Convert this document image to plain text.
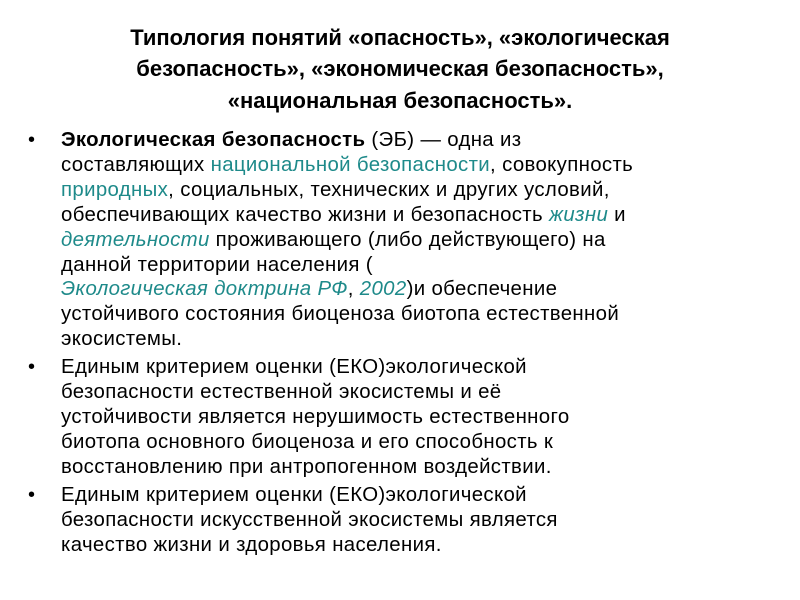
Типология понятий «опасность», «экологическая
безопасность», «экономическая безопасность»,
«национальная безопасность».
•	Экологическая безопасность (ЭБ) — одна из
составляющих национальной безопасности, совокупность
природных, социальных, технических и других условий,
обеспечивающих качество жизни и безопасность жизни и
деятельности проживающего (либо действующего) на
данной территории населения (
Экологическая доктрина РФ, 2002)и обеспечение
устойчивого состояния биоценоза биотопа естественной
экосистемы.
•	Единым критерием оценки (ЕКО)экологической
безопасности естественной экосистемы и её
устойчивости является нерушимость естественного
биотопа основного биоценоза и его способность к
восстановлению при антропогенном воздействии.
•	Единым критерием оценки (ЕКО)экологической
безопасности искусственной экосистемы является
качество жизни и здоровья населения.
